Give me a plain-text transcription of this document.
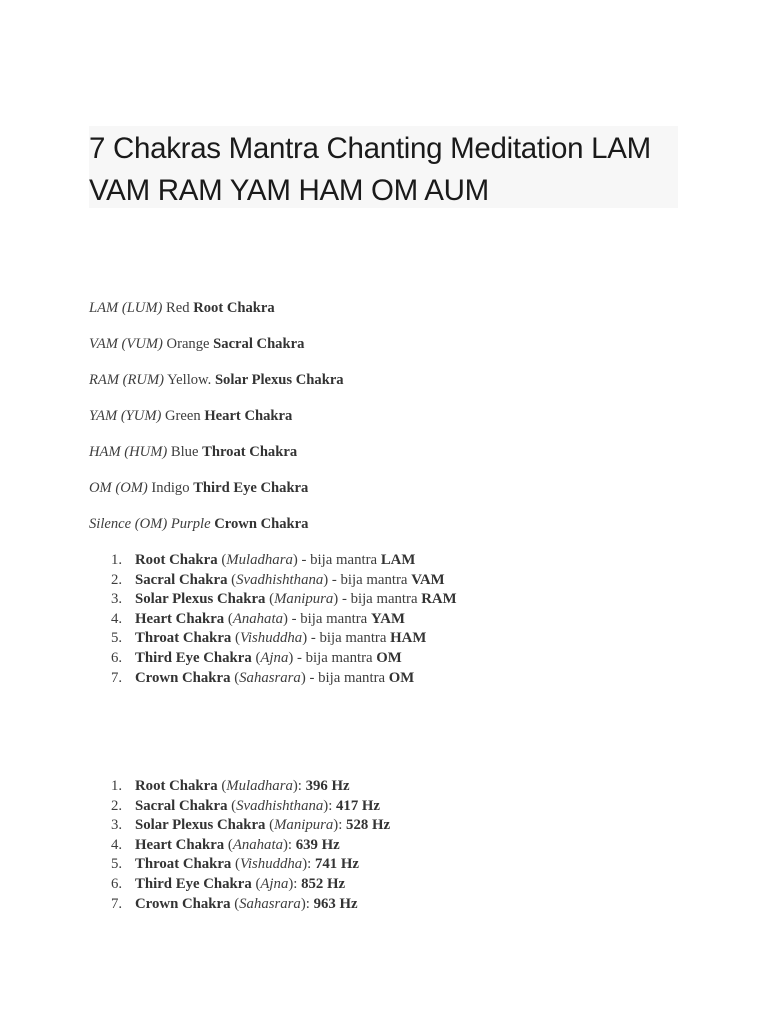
7 Chakras Mantra Chanting Meditation LAM VAM RAM YAM HAM OM AUM
LAM (LUM) Red Root Chakra
VAM (VUM) Orange Sacral Chakra
RAM (RUM) Yellow. Solar Plexus Chakra
YAM (YUM) Green Heart Chakra
HAM (HUM) Blue Throat Chakra
OM (OM) Indigo Third Eye Chakra
Silence (OM) Purple Crown Chakra
1. Root Chakra (Muladhara) - bija mantra LAM
2. Sacral Chakra (Svadhishthana) - bija mantra VAM
3. Solar Plexus Chakra (Manipura) - bija mantra RAM
4. Heart Chakra (Anahata) - bija mantra YAM
5. Throat Chakra (Vishuddha) - bija mantra HAM
6. Third Eye Chakra (Ajna) - bija mantra OM
7. Crown Chakra (Sahasrara) - bija mantra OM
1. Root Chakra (Muladhara): 396 Hz
2. Sacral Chakra (Svadhishthana): 417 Hz
3. Solar Plexus Chakra (Manipura): 528 Hz
4. Heart Chakra (Anahata): 639 Hz
5. Throat Chakra (Vishuddha): 741 Hz
6. Third Eye Chakra (Ajna): 852 Hz
7. Crown Chakra (Sahasrara): 963 Hz
